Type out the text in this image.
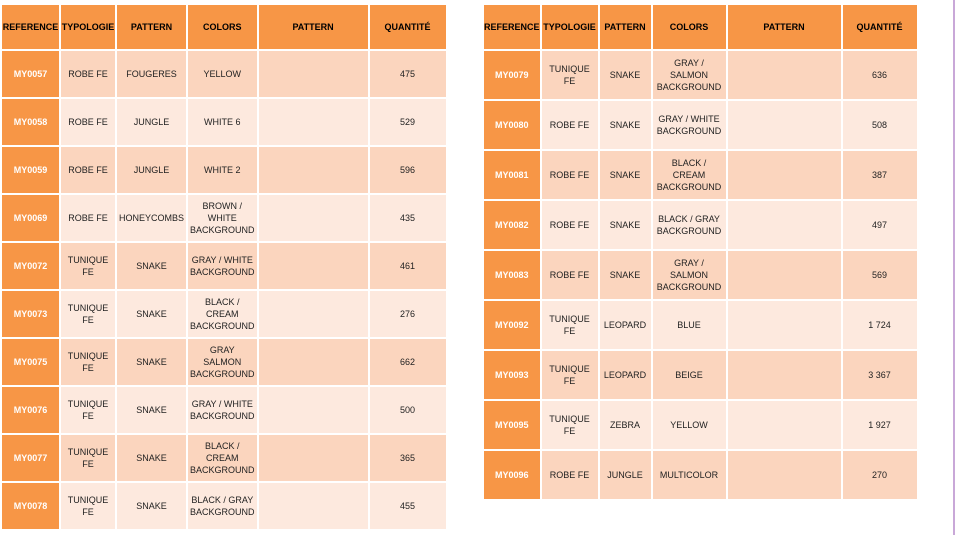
REFERENCE	TYPOLOGIE	PATTERN	COLORS	PATTERN	QUANTITÉ
MY0057	ROBE FE	FOUGERES	YELLOW		475
MY0058	ROBE FE	JUNGLE	WHITE 6		529
MY0059	ROBE FE	JUNGLE	WHITE 2		596
MY0069	ROBE FE	HONEYCOMBS	BROWN / WHITE BACKGROUND		435
MY0072	TUNIQUE FE	SNAKE	GRAY / WHITE BACKGROUND		461
MY0073	TUNIQUE FE	SNAKE	BLACK / CREAM BACKGROUND		276
MY0075	TUNIQUE FE	SNAKE	GRAY SALMON BACKGROUND		662
MY0076	TUNIQUE FE	SNAKE	GRAY / WHITE BACKGROUND		500
MY0077	TUNIQUE FE	SNAKE	BLACK / CREAM BACKGROUND		365
MY0078	TUNIQUE FE	SNAKE	BLACK / GRAY BACKGROUND		455
REFERENCE	TYPOLOGIE	PATTERN	COLORS	PATTERN	QUANTITÉ
MY0079	TUNIQUE FE	SNAKE	GRAY / SALMON BACKGROUND		636
MY0080	ROBE FE	SNAKE	GRAY / WHITE BACKGROUND		508
MY0081	ROBE FE	SNAKE	BLACK / CREAM BACKGROUND		387
MY0082	ROBE FE	SNAKE	BLACK / GRAY BACKGROUND		497
MY0083	ROBE FE	SNAKE	GRAY / SALMON BACKGROUND		569
MY0092	TUNIQUE FE	LEOPARD	BLUE		1 724
MY0093	TUNIQUE FE	LEOPARD	BEIGE		3 367
MY0095	TUNIQUE FE	ZEBRA	YELLOW		1 927
MY0096	ROBE FE	JUNGLE	MULTICOLOR		270
